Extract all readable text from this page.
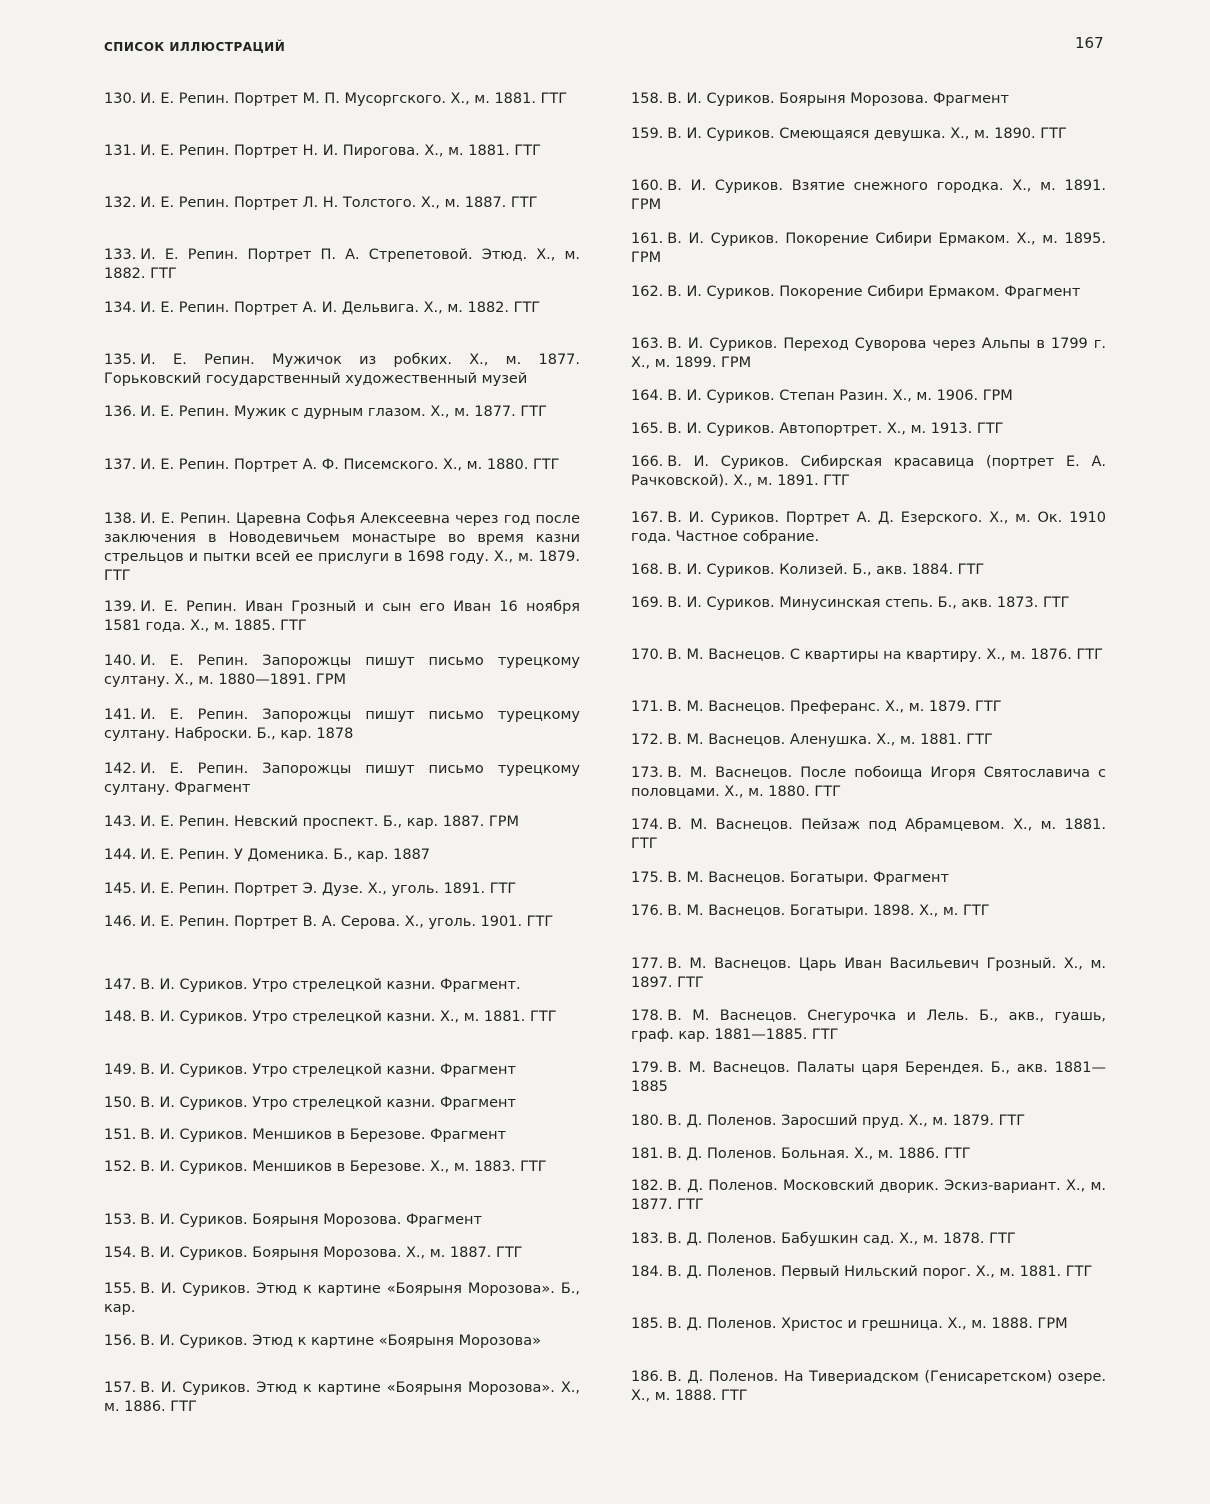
СПИСОК ИЛЛЮСТРАЦИЙ	167
130. И. Е. Репин. Портрет М. П. Мусоргского. Х., м. 1881. ГТГ
131. И. Е. Репин. Портрет Н. И. Пирогова. Х., м. 1881. ГТГ
132. И. Е. Репин. Портрет Л. Н. Толстого. Х., м. 1887. ГТГ
133. И. Е. Репин. Портрет П. А. Стрепетовой. Этюд. Х., м. 1882. ГТГ
134. И. Е. Репин. Портрет А. И. Дельвига. Х., м. 1882. ГТГ
135. И. Е. Репин. Мужичок из робких. Х., м. 1877. Горьковский государственный художественный музей
136. И. Е. Репин. Мужик с дурным глазом. Х., м. 1877. ГТГ
137. И. Е. Репин. Портрет А. Ф. Писемского. Х., м. 1880. ГТГ
138. И. Е. Репин. Царевна Софья Алексеевна через год после заключения в Новодевичьем монастыре во время казни стрельцов и пытки всей ее прислуги в 1698 году. Х., м. 1879. ГТГ
139. И. Е. Репин. Иван Грозный и сын его Иван 16 ноября 1581 года. Х., м. 1885. ГТГ
140. И. Е. Репин. Запорожцы пишут письмо турецкому султану. Х., м. 1880—1891. ГРМ
141. И. Е. Репин. Запорожцы пишут письмо турецкому султану. Наброски. Б., кар. 1878
142. И. Е. Репин. Запорожцы пишут письмо турецкому султану. Фрагмент
143. И. Е. Репин. Невский проспект. Б., кар. 1887. ГРМ
144. И. Е. Репин. У Доменика. Б., кар. 1887
145. И. Е. Репин. Портрет Э. Дузе. Х., уголь. 1891. ГТГ
146. И. Е. Репин. Портрет В. А. Серова. Х., уголь. 1901. ГТГ
147. В. И. Суриков. Утро стрелецкой казни. Фрагмент.
148. В. И. Суриков. Утро стрелецкой казни. Х., м. 1881. ГТГ
149. В. И. Суриков. Утро стрелецкой казни. Фрагмент
150. В. И. Суриков. Утро стрелецкой казни. Фрагмент
151. В. И. Суриков. Меншиков в Березове. Фрагмент
152. В. И. Суриков. Меншиков в Березове. Х., м. 1883. ГТГ
153. В. И. Суриков. Боярыня Морозова. Фрагмент
154. В. И. Суриков. Боярыня Морозова. Х., м. 1887. ГТГ
155. В. И. Суриков. Этюд к картине «Боярыня Морозова». Б., кар.
156. В. И. Суриков. Этюд к картине «Боярыня Морозова»
157. В. И. Суриков. Этюд к картине «Боярыня Морозова». Х., м. 1886. ГТГ
158. В. И. Суриков. Боярыня Морозова. Фрагмент
159. В. И. Суриков. Смеющаяся девушка. Х., м. 1890. ГТГ
160. В. И. Суриков. Взятие снежного городка. Х., м. 1891. ГРМ
161. В. И. Суриков. Покорение Сибири Ермаком. Х., м. 1895. ГРМ
162. В. И. Суриков. Покорение Сибири Ермаком. Фрагмент
163. В. И. Суриков. Переход Суворова через Альпы в 1799 г. Х., м. 1899. ГРМ
164. В. И. Суриков. Степан Разин. Х., м. 1906. ГРМ
165. В. И. Суриков. Автопортрет. Х., м. 1913. ГТГ
166. В. И. Суриков. Сибирская красавица (портрет Е. А. Рачковской). Х., м. 1891. ГТГ
167. В. И. Суриков. Портрет А. Д. Езерского. Х., м. Ок. 1910 года. Частное собрание.
168. В. И. Суриков. Колизей. Б., акв. 1884. ГТГ
169. В. И. Суриков. Минусинская степь. Б., акв. 1873. ГТГ
170. В. М. Васнецов. С квартиры на квартиру. Х., м. 1876. ГТГ
171. В. М. Васнецов. Преферанс. Х., м. 1879. ГТГ
172. В. М. Васнецов. Аленушка. Х., м. 1881. ГТГ
173. В. М. Васнецов. После побоища Игоря Святославича с половцами. Х., м. 1880. ГТГ
174. В. М. Васнецов. Пейзаж под Абрамцевом. Х., м. 1881. ГТГ
175. В. М. Васнецов. Богатыри. Фрагмент
176. В. М. Васнецов. Богатыри. 1898. Х., м. ГТГ
177. В. М. Васнецов. Царь Иван Васильевич Грозный. Х., м. 1897. ГТГ
178. В. М. Васнецов. Снегурочка и Лель. Б., акв., гуашь, граф. кар. 1881—1885. ГТГ
179. В. М. Васнецов. Палаты царя Берендея. Б., акв. 1881—1885
180. В. Д. Поленов. Заросший пруд. Х., м. 1879. ГТГ
181. В. Д. Поленов. Больная. Х., м. 1886. ГТГ
182. В. Д. Поленов. Московский дворик. Эскиз-вариант. Х., м. 1877. ГТГ
183. В. Д. Поленов. Бабушкин сад. Х., м. 1878. ГТГ
184. В. Д. Поленов. Первый Нильский порог. Х., м. 1881. ГТГ
185. В. Д. Поленов. Христос и грешница. Х., м. 1888. ГРМ
186. В. Д. Поленов. На Тивериадском (Генисаретском) озере. Х., м. 1888. ГТГ
